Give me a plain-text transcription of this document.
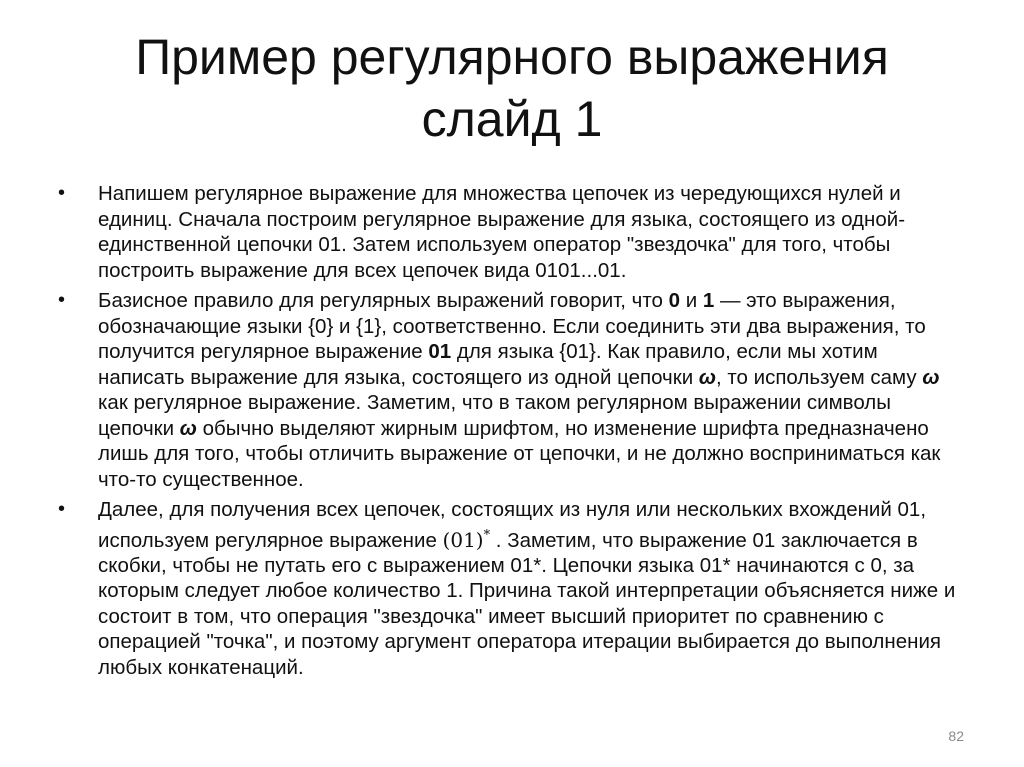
Пример регулярного выражения
слайд 1
• Напишем регулярное выражение для множества цепочек из чередующихся нулей и единиц. Сначала построим регулярное выражение для языка, состоящего из одной-единственной цепочки 01. Затем используем оператор "звездочка" для того, чтобы построить выражение для всех цепочек вида 0101...01.
• Базисное правило для регулярных выражений говорит, что 0 и 1 — это выражения, обозначающие языки {0} и {1}, соответственно. Если соединить эти два выражения, то получится регулярное выражение 01 для языка {01}. Как правило, если мы хотим написать выражение для языка, состоящего из одной цепочки ω, то используем саму ω как регулярное выражение. Заметим, что в таком регулярном выражении символы цепочки ω обычно выделяют жирным шрифтом, но изменение шрифта предназначено лишь для того, чтобы отличить выражение от цепочки, и не должно восприниматься как что-то существенное.
• Далее, для получения всех цепочек, состоящих из нуля или нескольких вхождений 01, используем регулярное выражение (01)* . Заметим, что выражение 01 заключается в скобки, чтобы не путать его с выражением 01*. Цепочки языка 01* начинаются с 0, за которым следует любое количество 1. Причина такой интерпретации объясняется ниже и состоит в том, что операция "звездочка" имеет высший приоритет по сравнению с операцией "точка", и поэтому аргумент оператора итерации выбирается до выполнения любых конкатенаций.
82
